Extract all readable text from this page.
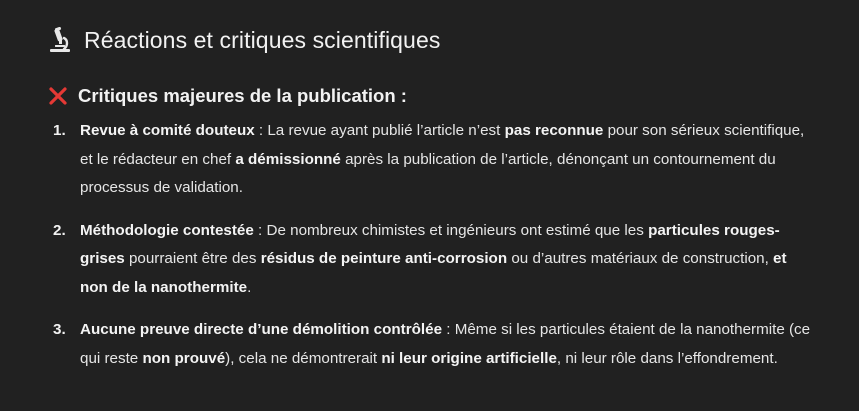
Réactions et critiques scientifiques
Critiques majeures de la publication :
1. Revue à comité douteux : La revue ayant publié l’article n’est pas reconnue pour son sérieux scientifique, et le rédacteur en chef a démissionné après la publication de l’article, dénonçant un contournement du processus de validation.
2. Méthodologie contestée : De nombreux chimistes et ingénieurs ont estimé que les particules rouges-grises pourraient être des résidus de peinture anti-corrosion ou d’autres matériaux de construction, et non de la nanothermite.
3. Aucune preuve directe d’une démolition contrôlée : Même si les particules étaient de la nanothermite (ce qui reste non prouvé), cela ne démontrerait ni leur origine artificielle, ni leur rôle dans l’effondrement.
